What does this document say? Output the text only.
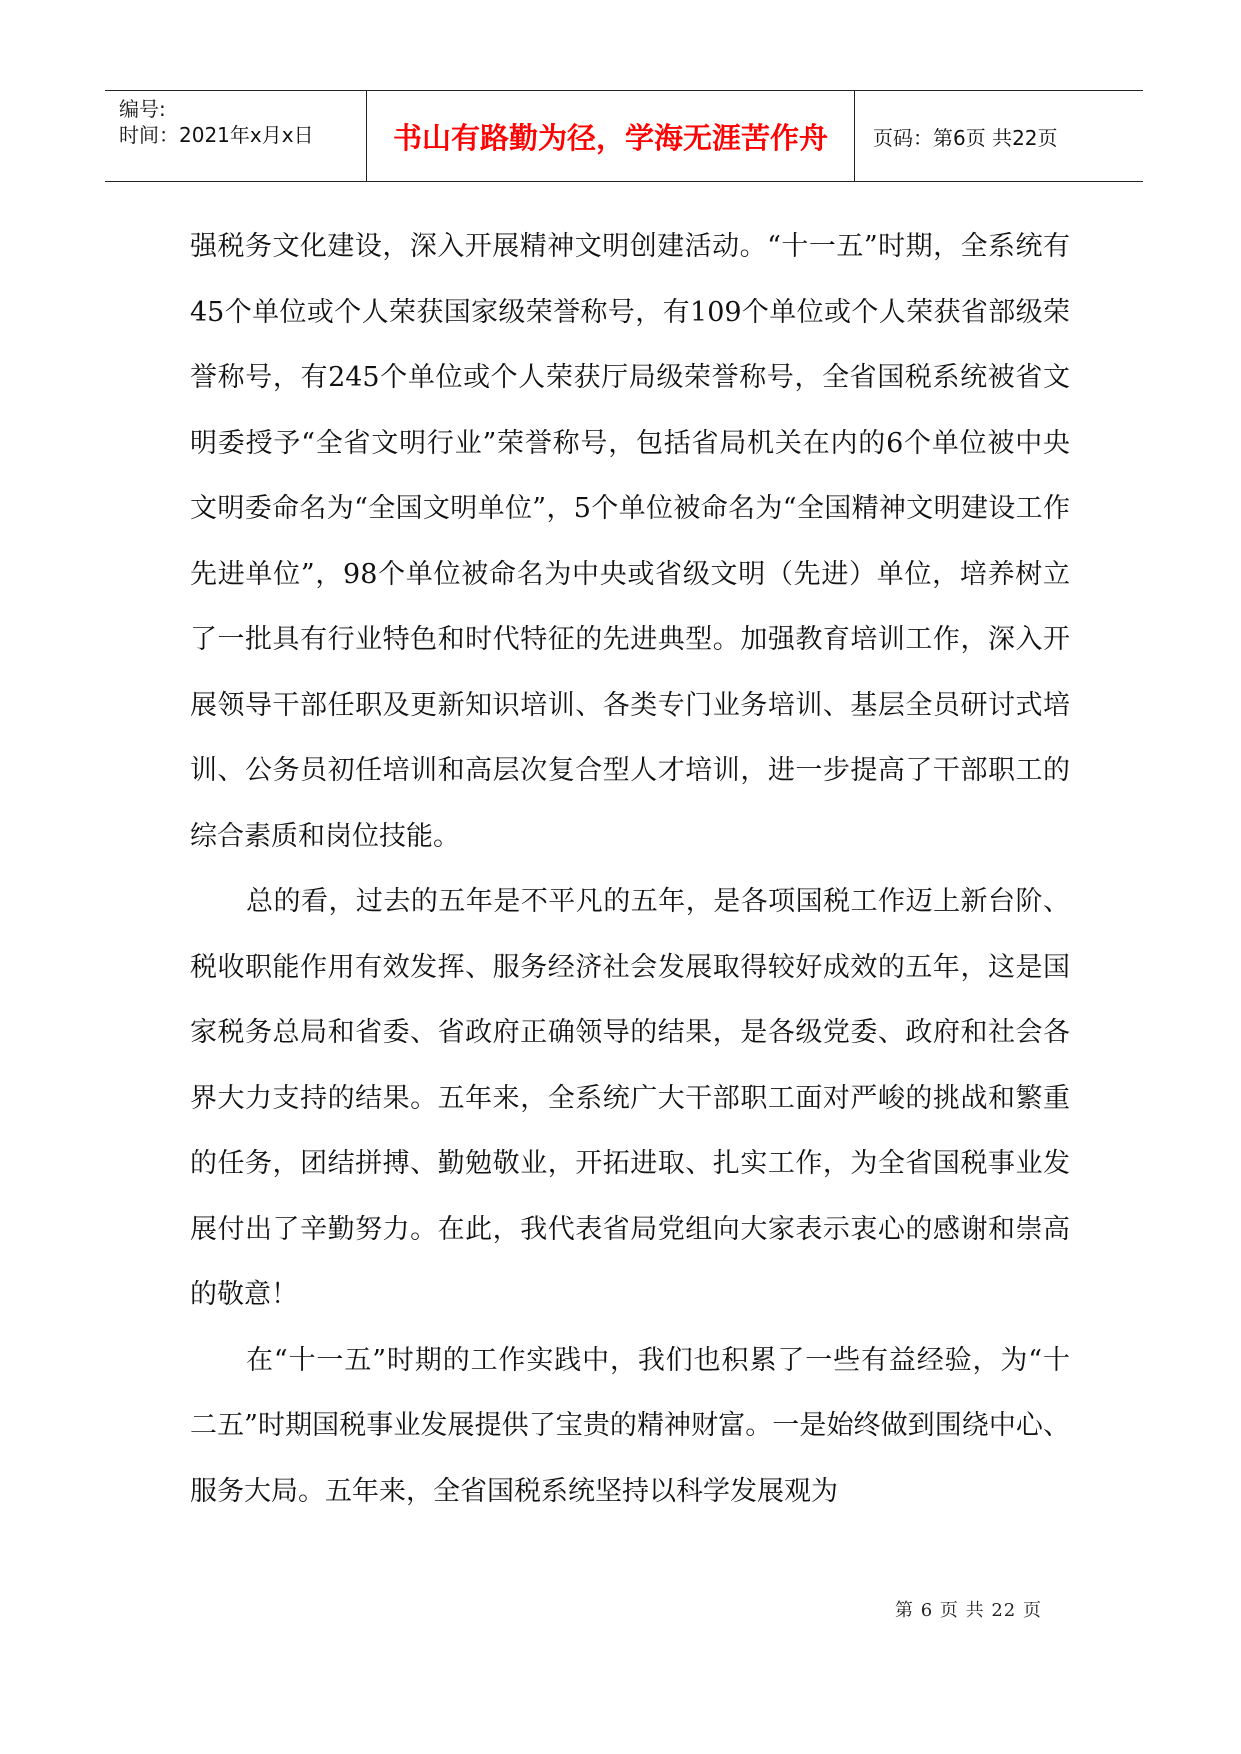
编号:
时间：2021年x月x日	书山有路勤为径，学海无涯苦作舟	页码：第6页 共22页

强税务文化建设，深入开展精神文明创建活动。“十一五”时期，全系统有45个单位或个人荣获国家级荣誉称号，有109个单位或个人荣获省部级荣誉称号，有245个单位或个人荣获厅局级荣誉称号，全省国税系统被省文明委授予“全省文明行业”荣誉称号，包括省局机关在内的6个单位被中央文明委命名为“全国文明单位”，5个单位被命名为“全国精神文明建设工作先进单位”，98个单位被命名为中央或省级文明（先进）单位，培养树立了一批具有行业特色和时代特征的先进典型。加强教育培训工作，深入开展领导干部任职及更新知识培训、各类专门业务培训、基层全员研讨式培训、公务员初任培训和高层次复合型人才培训，进一步提高了干部职工的综合素质和岗位技能。

总的看，过去的五年是不平凡的五年，是各项国税工作迈上新台阶、税收职能作用有效发挥、服务经济社会发展取得较好成效的五年，这是国家税务总局和省委、省政府正确领导的结果，是各级党委、政府和社会各界大力支持的结果。五年来，全系统广大干部职工面对严峻的挑战和繁重的任务，团结拼搏、勤勉敬业，开拓进取、扎实工作，为全省国税事业发展付出了辛勤努力。在此，我代表省局党组向大家表示衷心的感谢和崇高的敬意！

在“十一五”时期的工作实践中，我们也积累了一些有益经验，为“十二五”时期国税事业发展提供了宝贵的精神财富。一是始终做到围绕中心、服务大局。五年来，全省国税系统坚持以科学发展观为

第 6 页 共 22 页
